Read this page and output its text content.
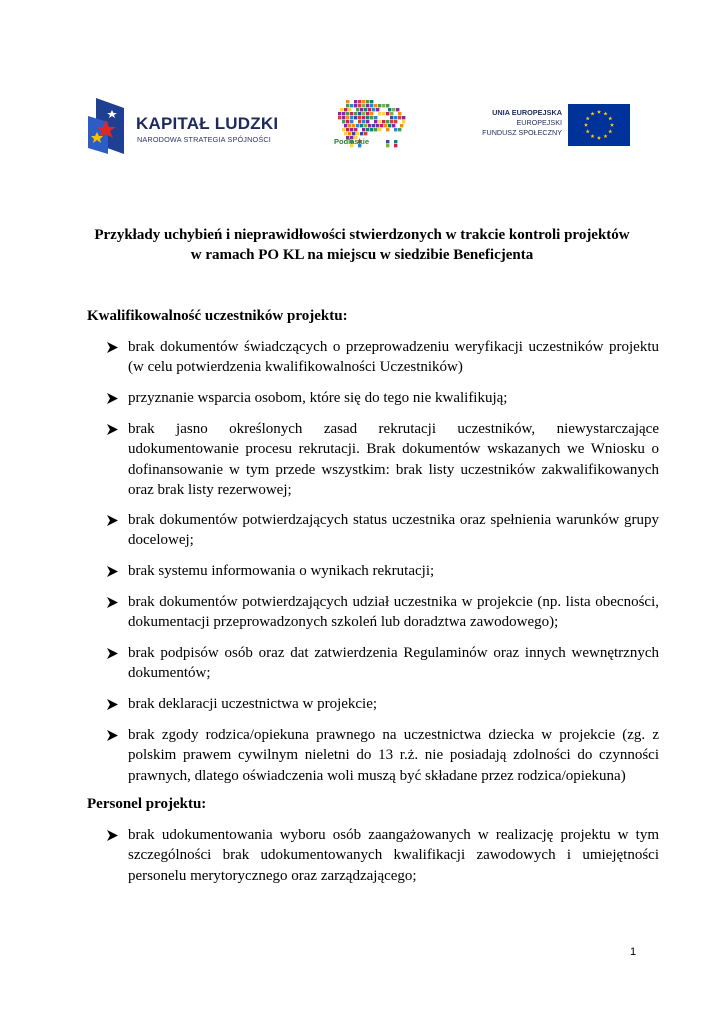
KAPITAŁ LUDZKI
NARODOWA STRATEGIA SPÓJNOŚCI	Podlaskie
UNIA EUROPEJSKA
EUROPEJSKI
FUNDUSZ SPOŁECZNY
Przykłady uchybień i nieprawidłowości stwierdzonych w trakcie kontroli projektów
w ramach PO KL na miejscu w siedzibie Beneficjenta
Kwalifikowalność uczestników projektu:
1
brak dokumentów świadczących o przeprowadzeniu weryfikacji uczestników projektu (w celu potwierdzenia kwalifikowalności Uczestników)
przyznanie wsparcia osobom, które się do tego nie kwalifikują;
brak jasno określonych zasad rekrutacji uczestników, niewystarczające udokumentowanie procesu rekrutacji. Brak dokumentów wskazanych we Wniosku o dofinansowanie w tym przede wszystkim: brak listy uczestników zakwalifikowanych oraz brak listy rezerwowej;
brak dokumentów potwierdzających status uczestnika oraz spełnienia warunków grupy docelowej;
brak systemu informowania o wynikach rekrutacji;
brak dokumentów potwierdzających udział uczestnika w projekcie (np. lista obecności, dokumentacji przeprowadzonych szkoleń lub doradztwa zawodowego);
brak podpisów osób oraz dat zatwierdzenia Regulaminów oraz innych wewnętrznych dokumentów;
brak deklaracji uczestnictwa w projekcie;
brak zgody rodzica/opiekuna prawnego na uczestnictwa dziecka w projekcie (zg. z polskim prawem cywilnym nieletni do 13 r.ż. nie posiadają zdolności do czynności prawnych, dlatego oświadczenia woli muszą być składane przez rodzica/opiekuna)
Personel projektu:
brak udokumentowania wyboru osób zaangażowanych w realizację projektu w tym szczególności brak udokumentowanych kwalifikacji zawodowych i umiejętności personelu merytorycznego oraz zarządzającego;
